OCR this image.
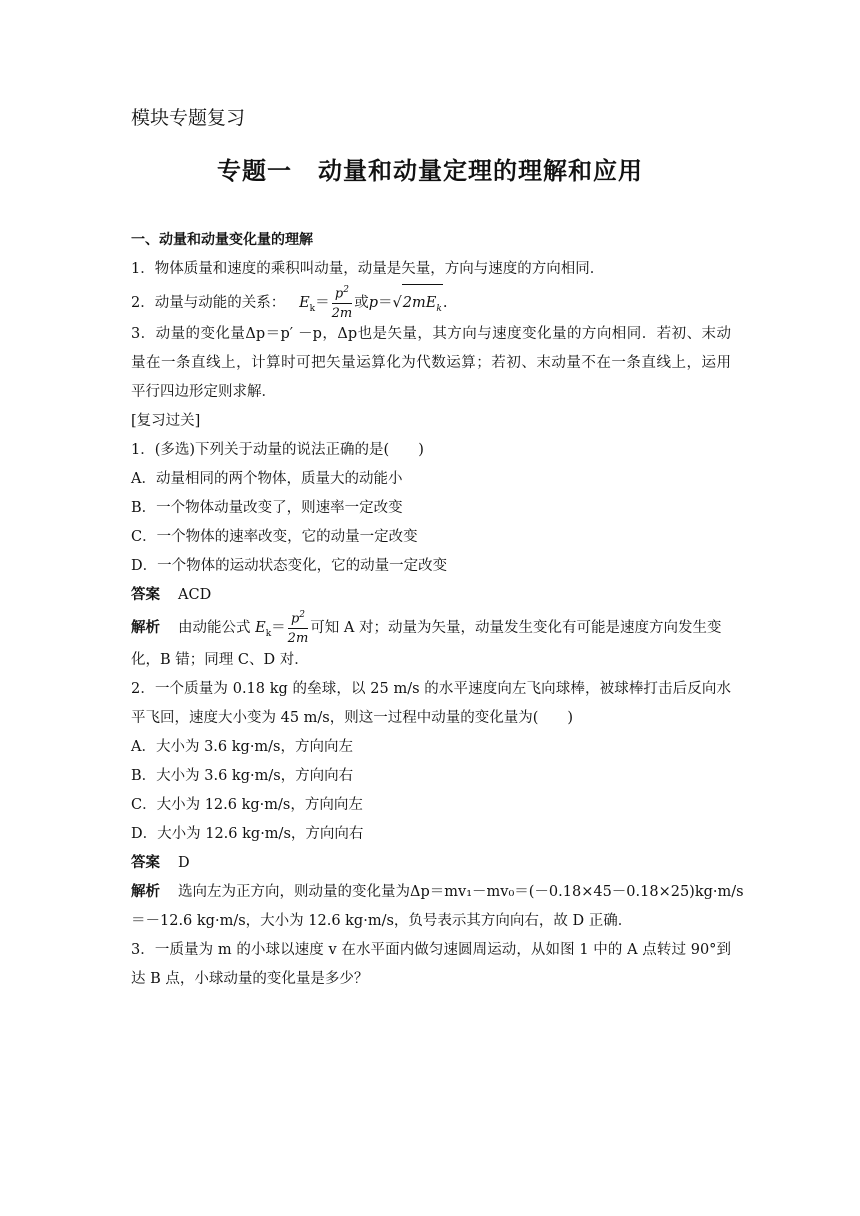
模块专题复习
专题一 动量和动量定理的理解和应用
一、动量和动量变化量的理解
1．物体质量和速度的乘积叫动量，动量是矢量，方向与速度的方向相同．
2．动量与动能的关系： $E_k= \frac{p^2}{2m}$ 或$p=√2mE_k$.
3．动量的变化量Δp＝p′ －p，Δp也是矢量，其方向与速度变化量的方向相同．若初、末动
量在一条直线上，计算时可把矢量运算化为代数运算；若初、末动量不在一条直线上，运用
平行四边形定则求解．
[复习过关]
1．(多选)下列关于动量的说法正确的是(　　)
A．动量相同的两个物体，质量大的动能小
B．一个物体动量改变了，则速率一定改变
C．一个物体的速率改变，它的动量一定改变
D．一个物体的运动状态变化，它的动量一定改变
答案 ACD
解析 由动能公式 $E_k= \frac{p^2}{2m}$ 可知 A 对；动量为矢量，动量发生变化有可能是速度方向发生变
化，B 错；同理 C、D 对．
2．一个质量为 0.18 kg 的垒球，以 25 m/s 的水平速度向左飞向球棒，被球棒打击后反向水
平飞回，速度大小变为 45 m/s，则这一过程中动量的变化量为(　　)
A．大小为 3.6 kg·m/s，方向向左
B．大小为 3.6 kg·m/s，方向向右
C．大小为 12.6 kg·m/s，方向向左
D．大小为 12.6 kg·m/s，方向向右
答案 D
解析 选向左为正方向，则动量的变化量为Δp＝mv₁－mv₀＝(－0.18×45－0.18×25)kg·m/s
＝－12.6 kg·m/s，大小为 12.6 kg·m/s，负号表示其方向向右，故 D 正确．
3．一质量为 m 的小球以速度 v 在水平面内做匀速圆周运动，从如图 1 中的 A 点转过 90°到
达 B 点，小球动量的变化量是多少？
